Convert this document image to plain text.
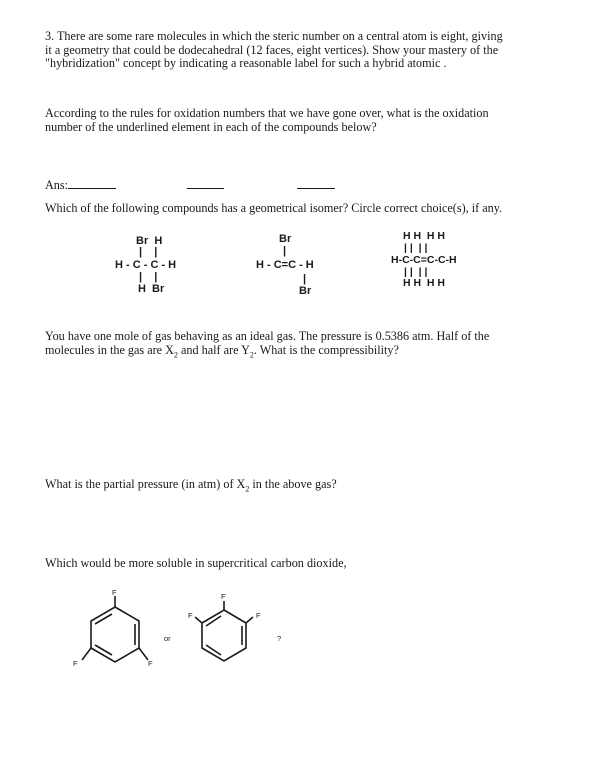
3. There are some rare molecules in which the steric number on a central atom is eight, giving
it a geometry that could be dodecahedral (12 faces, eight vertices). Show your mastery of the
"hybridization" concept by indicating a reasonable label for such a hybrid atomic .
According to the rules for oxidation numbers that we have gone over, what is the oxidation
number of the underlined element in each of the compounds below?
Ans:
Which of the following compounds has a geometrical isomer? Circle correct choice(s), if any.
Br  H
|    |
H - C - C - H
|    |
H  Br
Br
|
H - C=C - H
|
Br
H H  H H
| |  | |
H-C-C=C-C-H
| |  | |
H H  H H
You have one mole of gas behaving as an ideal gas. The pressure is 0.5386 atm. Half of the
molecules in the gas are $X_2$ and half are $Y_2$. What is the compressibility?
What is the partial pressure (in atm) of $X_2$ in the above gas?
Which would be more soluble in supercritical carbon dioxide,
F
F	F
or
F
F	F
?
